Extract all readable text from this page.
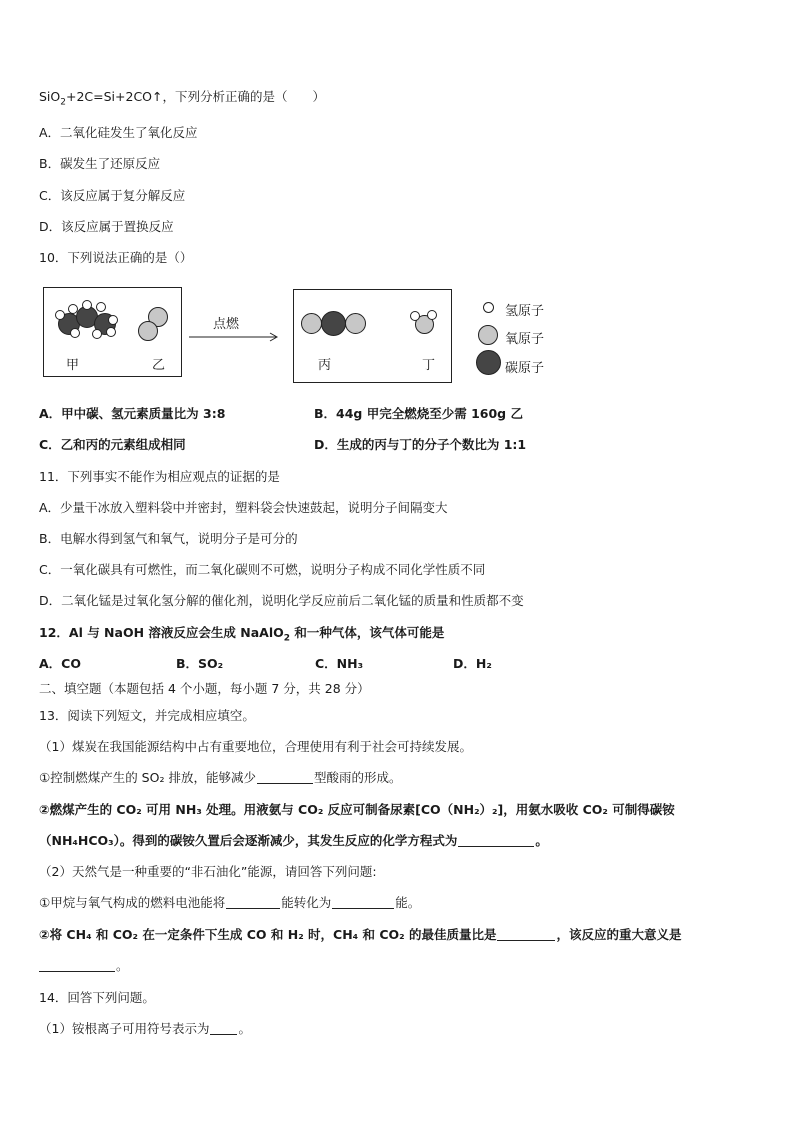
SiO$_2$+2C=Si+2CO↑，下列分析正确的是（　　）
A．二氧化硅发生了氧化反应
B．碳发生了还原反应
C．该反应属于复分解反应
D．该反应属于置换反应
10．下列说法正确的是（）
甲	乙
点燃
丙	丁
氢原子
氧原子
碳原子
A．甲中碳、氢元素质量比为 3:8	B．44g 甲完全燃烧至少需 160g 乙
C．乙和丙的元素组成相同	D．生成的丙与丁的分子个数比为 1:1
11．下列事实不能作为相应观点的证据的是
A．少量干冰放入塑料袋中并密封，塑料袋会快速鼓起，说明分子间隔变大
B．电解水得到氢气和氧气，说明分子是可分的
C．一氧化碳具有可燃性，而二氧化碳则不可燃，说明分子构成不同化学性质不同
D．二氧化锰是过氧化氢分解的催化剂，说明化学反应前后二氧化锰的质量和性质都不变
12．Al 与 NaOH 溶液反应会生成 NaAlO$_2$ 和一种气体，该气体可能是
A．CO	B．SO₂	C．NH₃	D．H₂
二、填空题（本题包括 4 个小题，每小题 7 分，共 28 分）
13．阅读下列短文，并完成相应填空。
（1）煤炭在我国能源结构中占有重要地位，合理使用有利于社会可持续发展。
①控制燃煤产生的 SO₂ 排放，能够减少	型酸雨的形成。
②燃煤产生的 CO₂ 可用 NH₃ 处理。用液氨与 CO₂ 反应可制备尿素[CO（NH₂）₂]，用氨水吸收 CO₂ 可制得碳铵
（NH₄HCO₃）。得到的碳铵久置后会逐渐减少，其发生反应的化学方程式为	。
（2）天然气是一种重要的“非石油化”能源，请回答下列问题:
①甲烷与氧气构成的燃料电池能将	能转化为	能。
②将 CH₄ 和 CO₂ 在一定条件下生成 CO 和 H₂ 时，CH₄ 和 CO₂ 的最佳质量比是	，该反应的重大意义是
。
14．回答下列问题。
（1）铵根离子可用符号表示为 。
